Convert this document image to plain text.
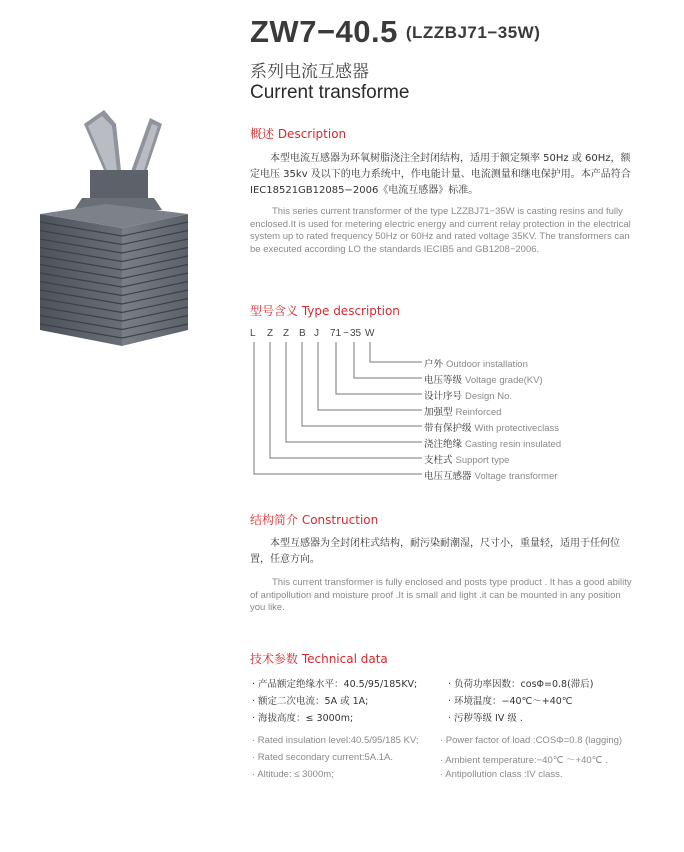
ZW7−40.5 (LZZBJ71−35W)
系列电流互感器
Current transforme
概述 Description
本型电流互感器为环氧树脂浇注全封闭结构，适用于额定频率 50Hz 或 60Hz，额定电压 35kv 及以下的电力系统中，作电能计量、电流测量和继电保护用。本产品符合 IEC18521GB12085−2006《电流互感器》标准。
This series current transformer of the type LZZBJ71−35W is casting resins and fully enclosed.It is used for metering electric energy and current relay protection in the electrical system up to rated frequency 50Hz or 60Hz and rated voltage 35KV. The transformers can be executed according LO the standards IECIB5 and GB1208−2006.
型号含义 Type description
L Z Z B J 71 − 35 W
户外 Outdoor installation
电压等级 Voltage grade(KV)
设计序号 Design No.
加强型 Reinforced
带有保护级 With protectiveclass
浇注绝缘 Casting resin insulated
支柱式 Support type
电压互感器 Voltage transformer
结构简介 Construction
本型互感器为全封闭柱式结构，耐污染耐潮湿，尺寸小，重量轻，适用于任何位置，任意方向。
This current transformer is fully enclosed and posts type product . It has a good ability of antipollution and moisture proof .It is small and light .it can be mounted in any position you like.
技术参数 Technical data
· 产品额定绝缘水平：40.5/95/185KV;
· 额定二次电流：5A 或 1A;
· 海拔高度：≤ 3000m;
· 负荷功率因数：cosΦ=0.8(滞后)
· 环境温度：−40℃～+40℃
· 污秽等级 IV 级 .
· Rated insulation level:40.5/95/185 KV;
· Rated secondary current:5A.1A.
· Altitude: ≤ 3000m;
· Power factor of load :COSΦ=0.8 (lagging)
· Ambient temperature:−40℃ ～+40℃ .
· Antipollution class :IV class.
